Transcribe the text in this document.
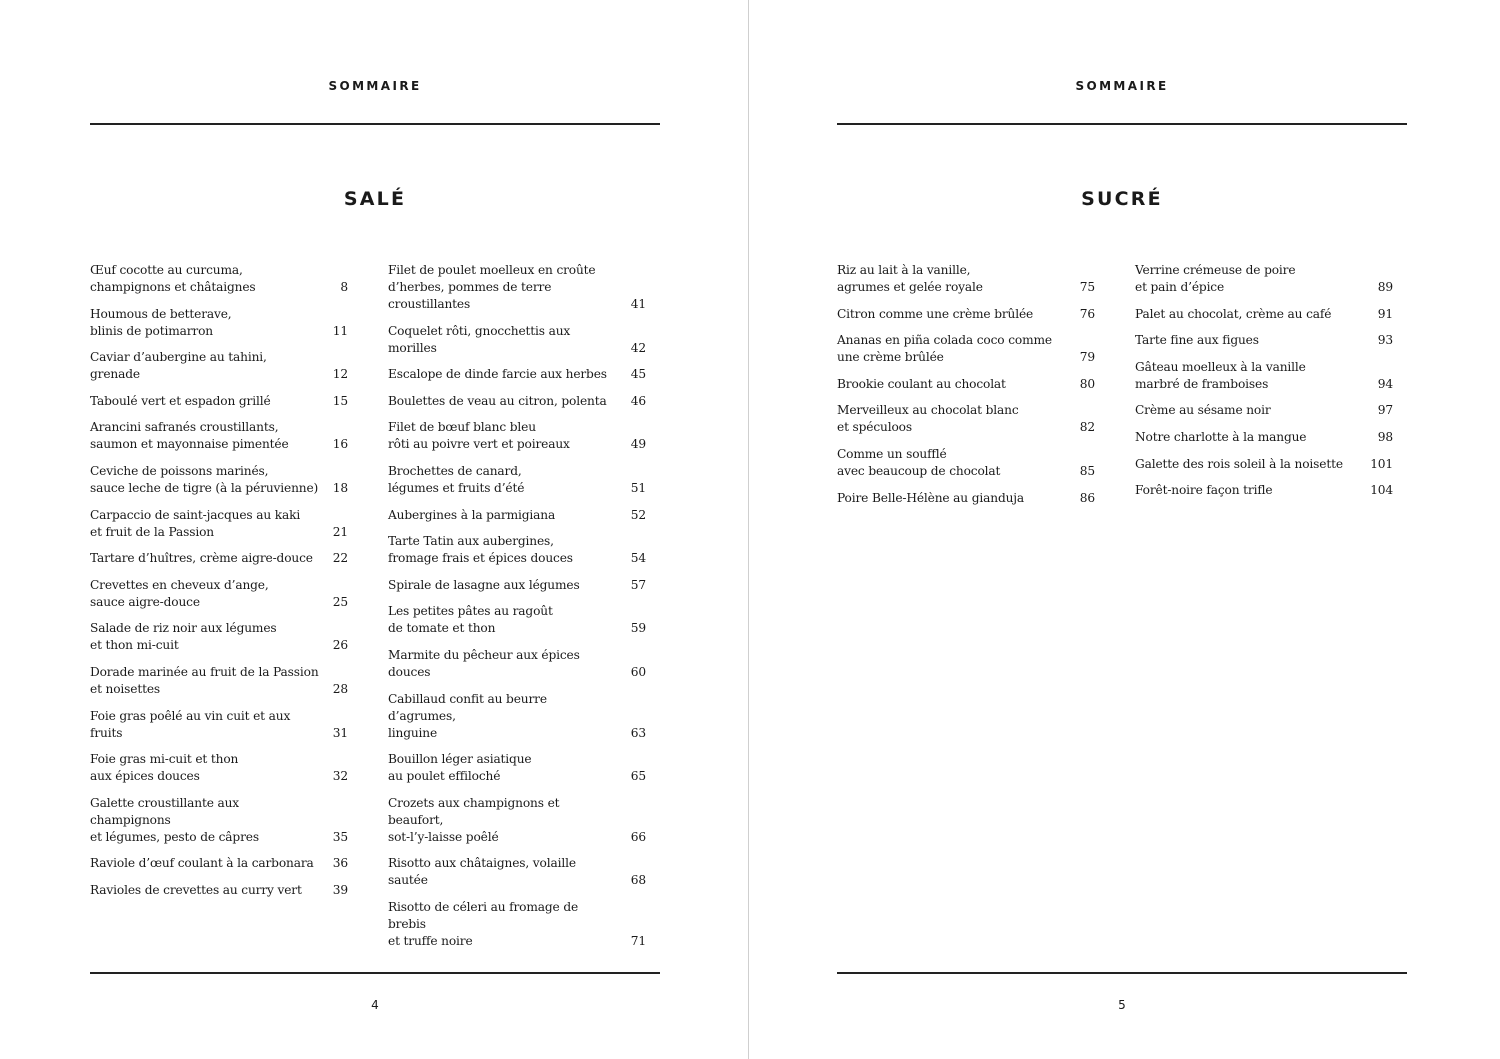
SOMMAIRE
SALÉ
Œuf cocotte au curcuma,
champignons et châtaignes	8
Houmous de betterave,
blinis de potimarron	11
Caviar d’aubergine au tahini, grenade	12
Taboulé vert et espadon grillé	15
Arancini safranés croustillants,
saumon et mayonnaise pimentée	16
Ceviche de poissons marinés,
sauce leche de tigre (à la péruvienne) 18
Carpaccio de saint-jacques au kaki
et fruit de la Passion	21
Tartare d’huîtres, crème aigre-douce	22
Crevettes en cheveux d’ange,
sauce aigre-douce	25
Salade de riz noir aux légumes
et thon mi-cuit	26
Dorade marinée au fruit de la Passion
et noisettes	28
Foie gras poêlé au vin cuit et aux fruits	31
Foie gras mi-cuit et thon
aux épices douces	32
Galette croustillante aux champignons
et légumes, pesto de câpres	35
Raviole d’œuf coulant à la carbonara	36
Ravioles de crevettes au curry vert	39
Filet de poulet moelleux en croûte
d’herbes, pommes de terre croustillantes	41
Coquelet rôti, gnocchettis aux morilles	42
Escalope de dinde farcie aux herbes	45
Boulettes de veau au citron, polenta	46
Filet de bœuf blanc bleu
rôti au poivre vert et poireaux	49
Brochettes de canard,
légumes et fruits d’été	51
Aubergines à la parmigiana	52
Tarte Tatin aux aubergines,
fromage frais et épices douces	54
Spirale de lasagne aux légumes	57
Les petites pâtes au ragoût
de tomate et thon	59
Marmite du pêcheur aux épices douces	60
Cabillaud confit au beurre d’agrumes,
linguine	63
Bouillon léger asiatique
au poulet effiloché	65
Crozets aux champignons et beaufort,
sot-l’y-laisse poêlé	66
Risotto aux châtaignes, volaille sautée	68
Risotto de céleri au fromage de brebis
et truffe noire	71
4
SOMMAIRE
SUCRÉ
Riz au lait à la vanille,
agrumes et gelée royale	75
Citron comme une crème brûlée	76
Ananas en piña colada coco comme
une crème brûlée	79
Brookie coulant au chocolat	80
Merveilleux au chocolat blanc
et spéculoos	82
Comme un soufflé
avec beaucoup de chocolat	85
Poire Belle-Hélène au gianduja	86
Verrine crémeuse de poire
et pain d’épice	89
Palet au chocolat, crème au café	91
Tarte fine aux figues	93
Gâteau moelleux à la vanille
marbré de framboises	94
Crème au sésame noir	97
Notre charlotte à la mangue	98
Galette des rois soleil à la noisette	101
Forêt-noire façon trifle	104
5
